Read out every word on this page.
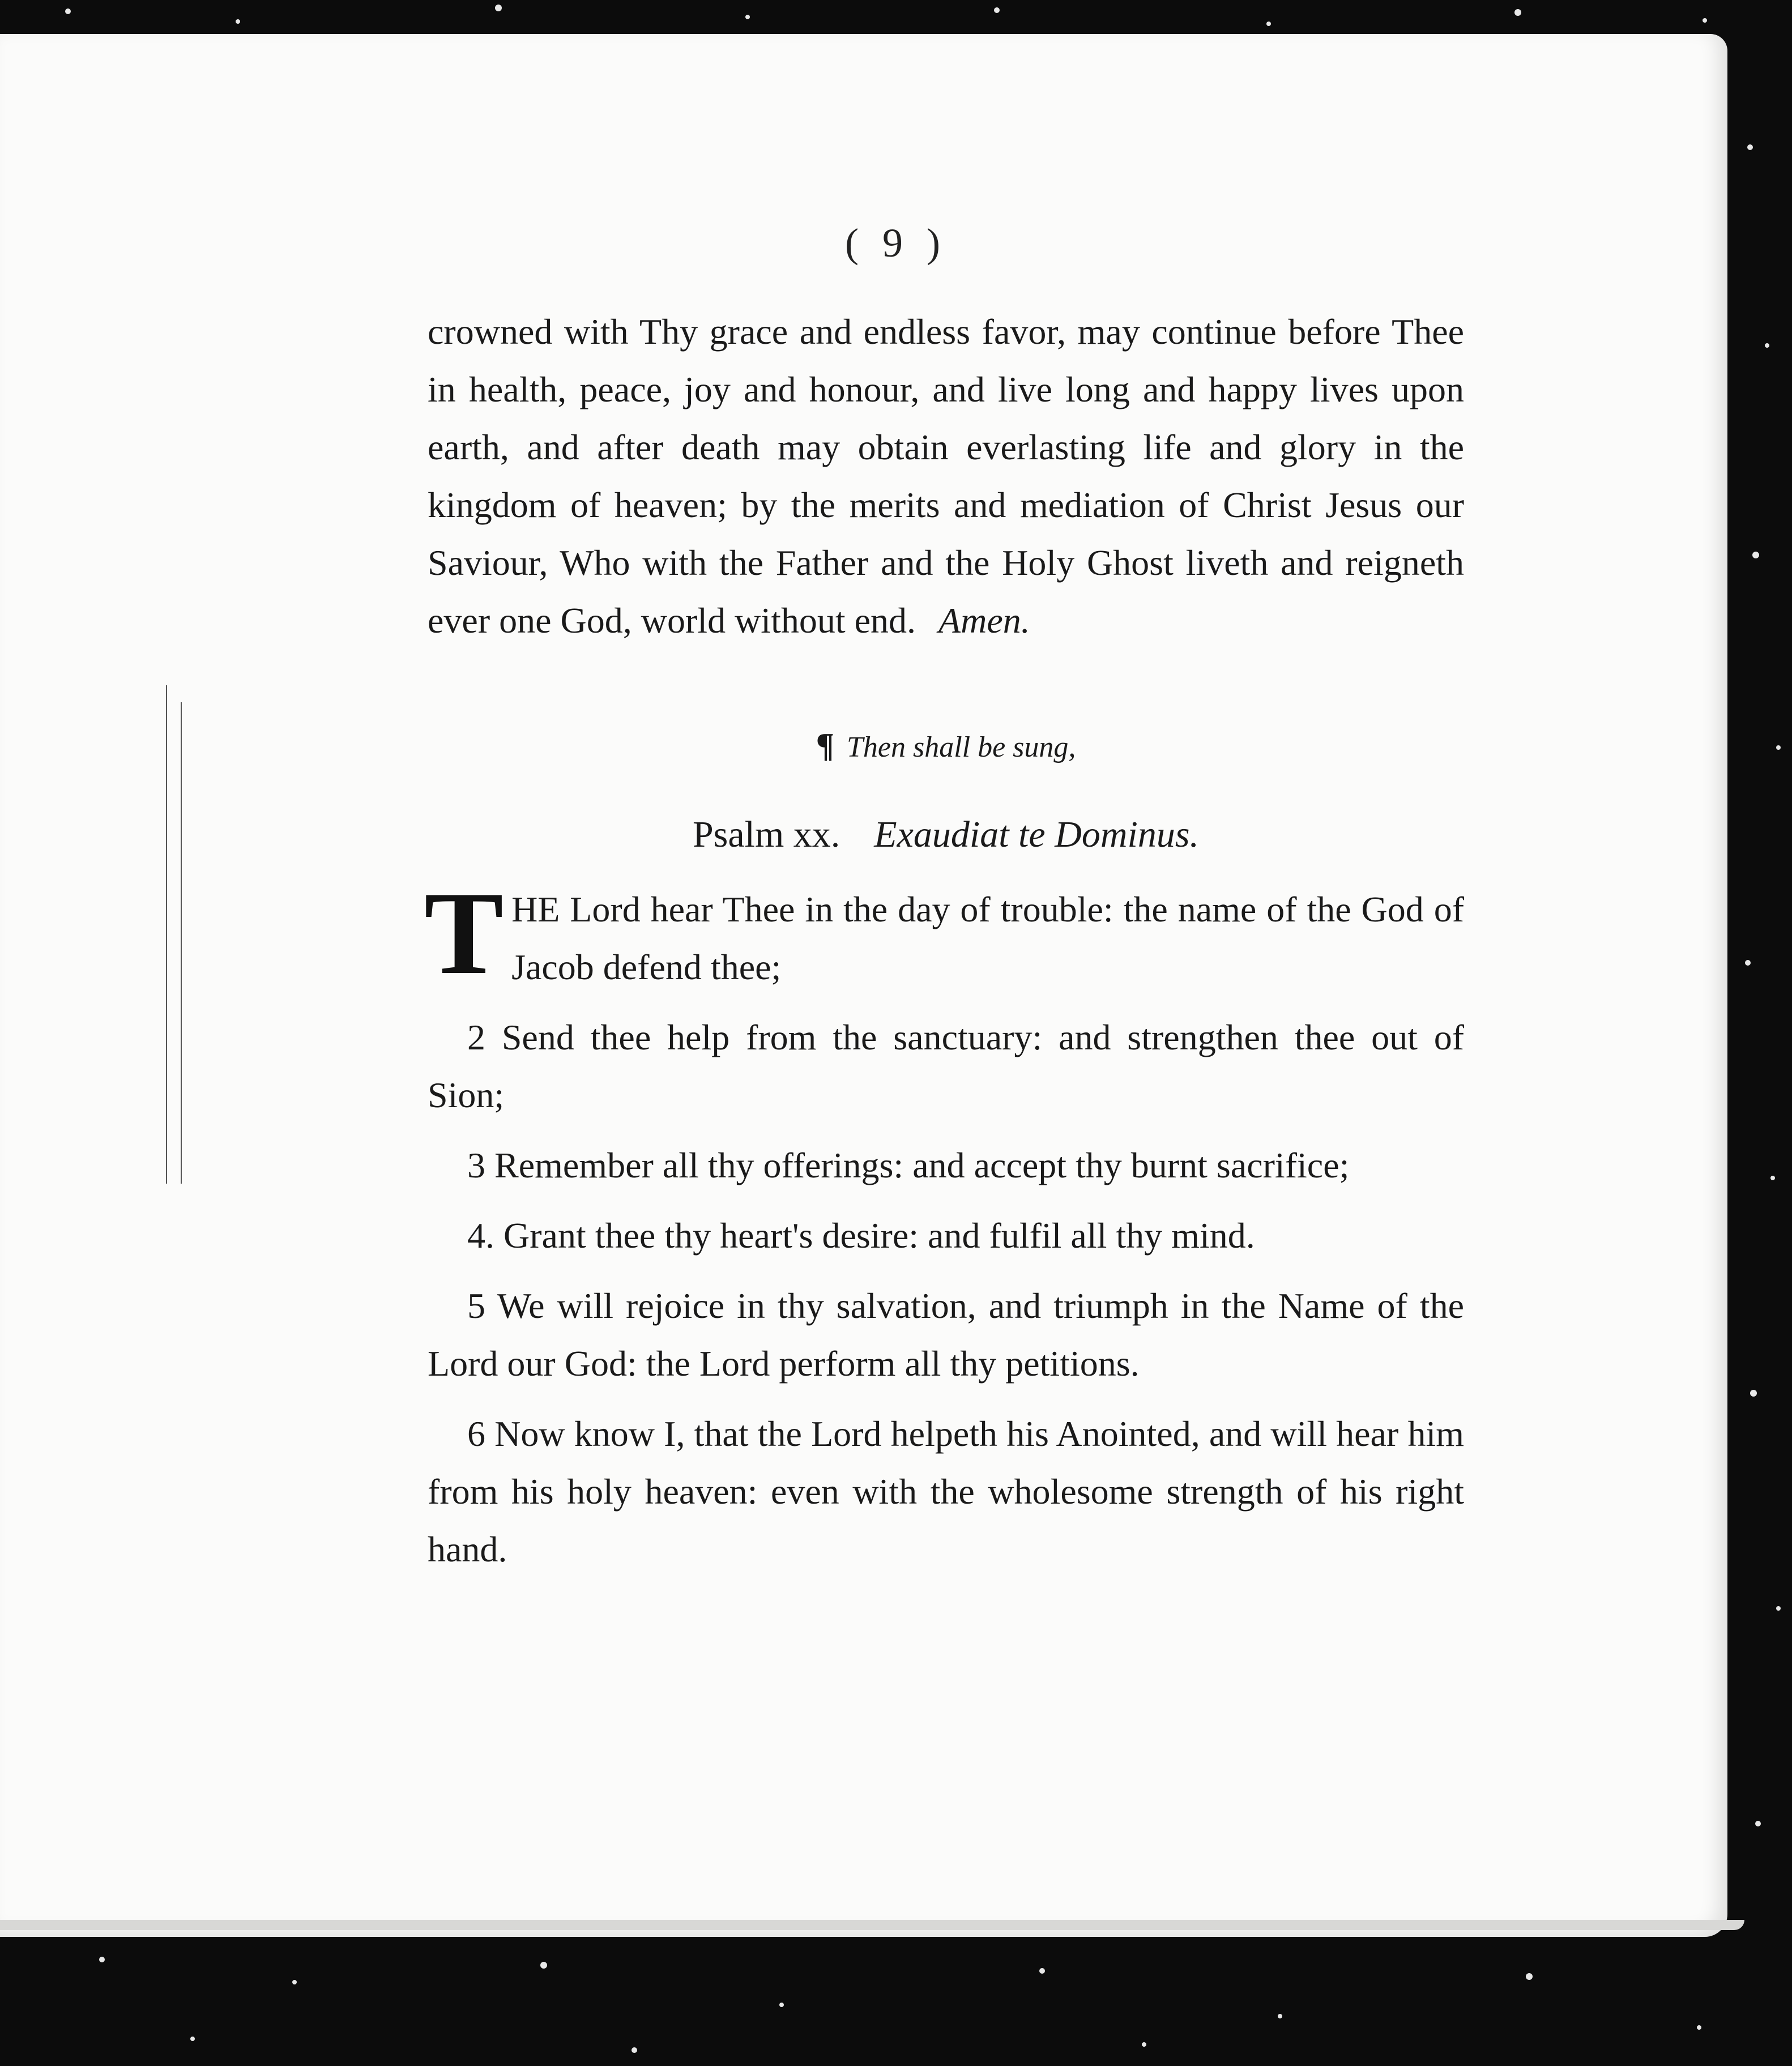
( 9 )

crowned with Thy grace and endless favor, may continue before Thee in health, peace, joy and honour, and live long and happy lives upon earth, and after death may obtain everlasting life and glory in the kingdom of heaven; by the merits and mediation of Christ Jesus our Saviour, Who with the Father and the Holy Ghost liveth and reigneth ever one God, world without end. Amen.

¶ Then shall be sung,

Psalm xx. Exaudiat te Dominus.

THE Lord hear Thee in the day of trouble: the name of the God of Jacob defend thee;

2 Send thee help from the sanctuary: and strengthen thee out of Sion;

3 Remember all thy offerings: and accept thy burnt sacrifice;

4. Grant thee thy heart's desire: and fulfil all thy mind.

5 We will rejoice in thy salvation, and triumph in the Name of the Lord our God: the Lord perform all thy petitions.

6 Now know I, that the Lord helpeth his Anointed, and will hear him from his holy heaven: even with the wholesome strength of his right hand.
